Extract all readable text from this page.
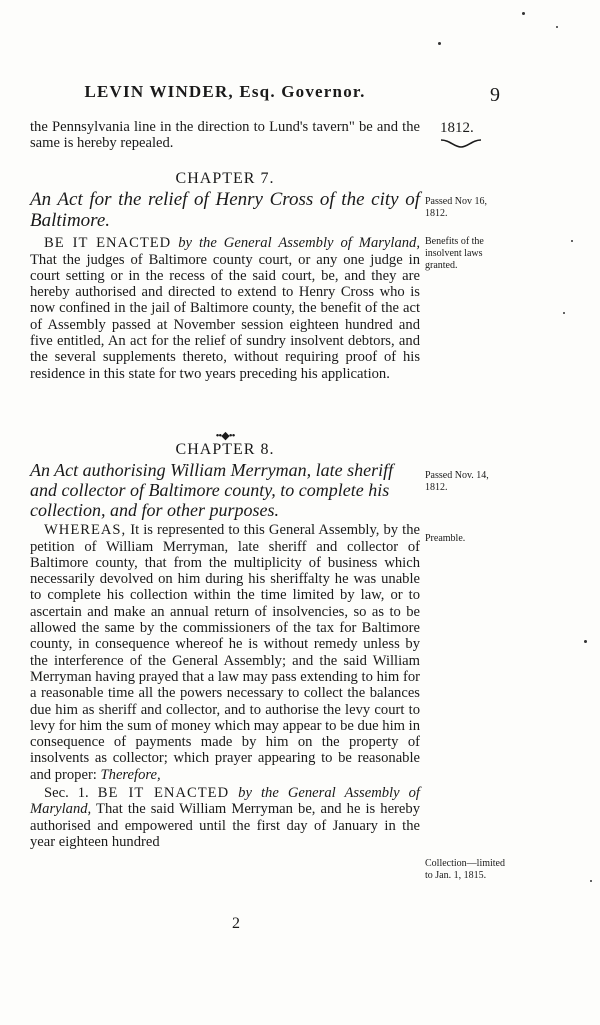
LEVIN WINDER, Esq. Governor.	9
1812.

the Pennsylvania line in the direction to Lund's tavern" be and the same is hereby repealed.

CHAPTER 7.

An Act for the relief of Henry Cross of the city of Baltimore.

BE IT ENACTED by the General Assembly of Maryland, That the judges of Baltimore county court, or any one judge in court setting or in the recess of the said court, be, and they are hereby authorised and directed to extend to Henry Cross who is now confined in the jail of Baltimore county, the benefit of the act of Assembly passed at November session eighteen hundred and five entitled, An act for the relief of sundry insolvent debtors, and the several supplements thereto, without requiring proof of his residence in this state for two years preceding his application.

Passed Nov 16, 1812.
Benefits of the insolvent laws granted.
••◆••
CHAPTER 8.

An Act authorising William Merryman, late sheriff and collector of Baltimore county, to complete his collection, and for other purposes.

WHEREAS, It is represented to this General Assembly, by the petition of William Merryman, late sheriff and collector of Baltimore county, that from the multiplicity of business which necessarily devolved on him during his sheriffalty he was unable to complete his collection within the time limited by law, or to ascertain and make an annual return of insolvencies, so as to be allowed the same by the commissioners of the tax for Baltimore county, in consequence whereof he is without remedy unless by the interference of the General Assembly; and the said William Merryman having prayed that a law may pass extending to him for a reasonable time all the powers necessary to collect the balances due him as sheriff and collector, and to authorise the levy court to levy for him the sum of money which may appear to be due him in consequence of payments made by him on the property of insolvents as collector; which prayer appearing to be reasonable and proper: Therefore,

Sec. 1. BE IT ENACTED by the General Assembly of Maryland, That the said William Merryman be, and he is hereby authorised and empowered until the first day of January in the year eighteen hundred

Passed Nov. 14, 1812.
Preamble.
Collection—limited to Jan. 1, 1815.
2
